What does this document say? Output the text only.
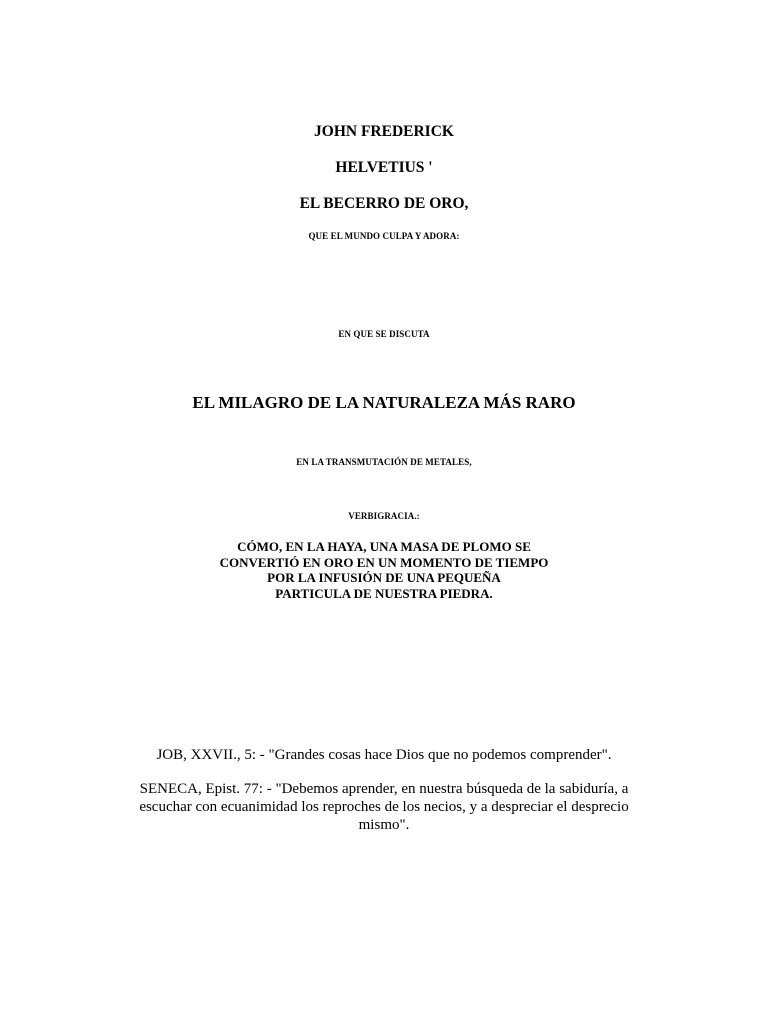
JOHN FREDERICK

HELVETIUS '

EL BECERRO DE ORO,

QUE EL MUNDO CULPA Y ADORA:

EN QUE SE DISCUTA

EL MILAGRO DE LA NATURALEZA MÁS RARO

EN LA TRANSMUTACIÓN DE METALES,

VERBIGRACIA.:

CÓMO, EN LA HAYA, UNA MASA DE PLOMO SE
CONVERTIÓ EN ORO EN UN MOMENTO DE TIEMPO
POR LA INFUSIÓN DE UNA PEQUEÑA
PARTICULA DE NUESTRA PIEDRA.

JOB, XXVII., 5: - "Grandes cosas hace Dios que no podemos comprender".

SENECA, Epist. 77: - "Debemos aprender, en nuestra búsqueda de la sabiduría, a escuchar con ecuanimidad los reproches de los necios, y a despreciar el desprecio mismo".
